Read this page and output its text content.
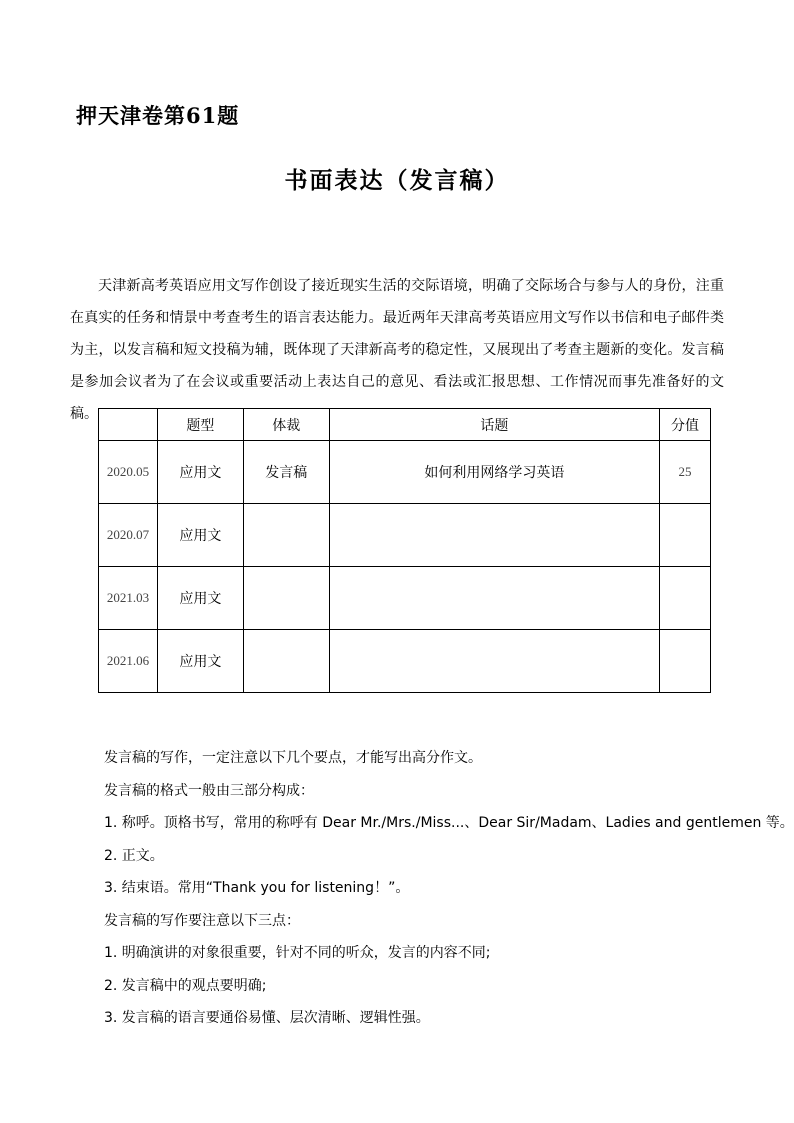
押天津卷第61题
书面表达（发言稿）
天津新高考英语应用文写作创设了接近现实生活的交际语境，明确了交际场合与参与人的身份，注重在真实的任务和情景中考查考生的语言表达能力。最近两年天津高考英语应用文写作以书信和电子邮件类为主，以发言稿和短文投稿为辅，既体现了天津新高考的稳定性，又展现出了考查主题新的变化。发言稿是参加会议者为了在会议或重要活动上表达自己的意见、看法或汇报思想、工作情况而事先准备好的文稿。
	题型	体裁	话题	分值
2020.05	应用文	发言稿	如何利用网络学习英语	25
2020.07	应用文			
2021.03	应用文			
2021.06	应用文			

发言稿的写作，一定注意以下几个要点，才能写出高分作文。

发言稿的格式一般由三部分构成：

1. 称呼。顶格书写，常用的称呼有 Dear Mr./Mrs./Miss...、Dear Sir/Madam、Ladies and gentlemen 等。

2. 正文。

3. 结束语。常用“Thank you for listening！”。

发言稿的写作要注意以下三点：

1. 明确演讲的对象很重要，针对不同的听众，发言的内容不同;

2. 发言稿中的观点要明确;

3. 发言稿的语言要通俗易懂、层次清晰、逻辑性强。
